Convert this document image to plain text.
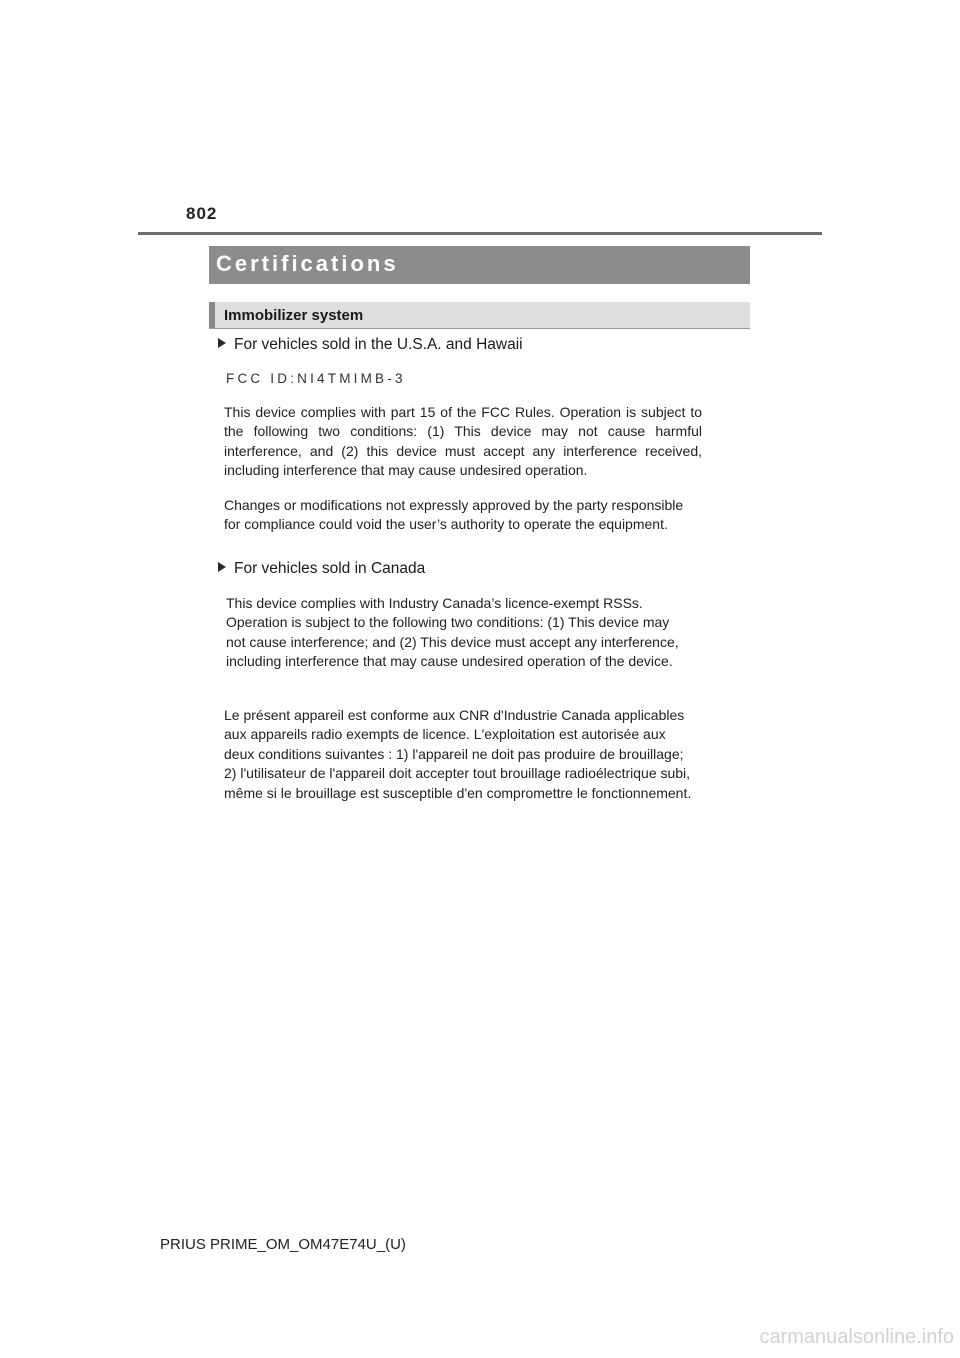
802
Certifications
Immobilizer system
For vehicles sold in the U.S.A. and Hawaii
FCC ID:NI4TMIMB-3

This device complies with part 15 of the FCC Rules. Operation is subject to the following two conditions: (1) This device may not cause harmful interference, and (2) this device must accept any interference received, including interference that may cause undesired operation.

Changes or modifications not expressly approved by the party responsible for compliance could void the user’s authority to operate the equipment.

For vehicles sold in Canada

This device complies with Industry Canada’s licence-exempt RSSs. Operation is subject to the following two conditions: (1) This device may not cause interference; and (2) This device must accept any interference, including interference that may cause undesired operation of the device.

Le présent appareil est conforme aux CNR d'Industrie Canada applicables aux appareils radio exempts de licence. L'exploitation est autorisée aux deux conditions suivantes : 1) l'appareil ne doit pas produire de brouillage; 2) l'utilisateur de l'appareil doit accepter tout brouillage radioélectrique subi, même si le brouillage est susceptible d'en compromettre le fonctionnement.

PRIUS PRIME_OM_OM47E74U_(U)
carmanualsonline.info
